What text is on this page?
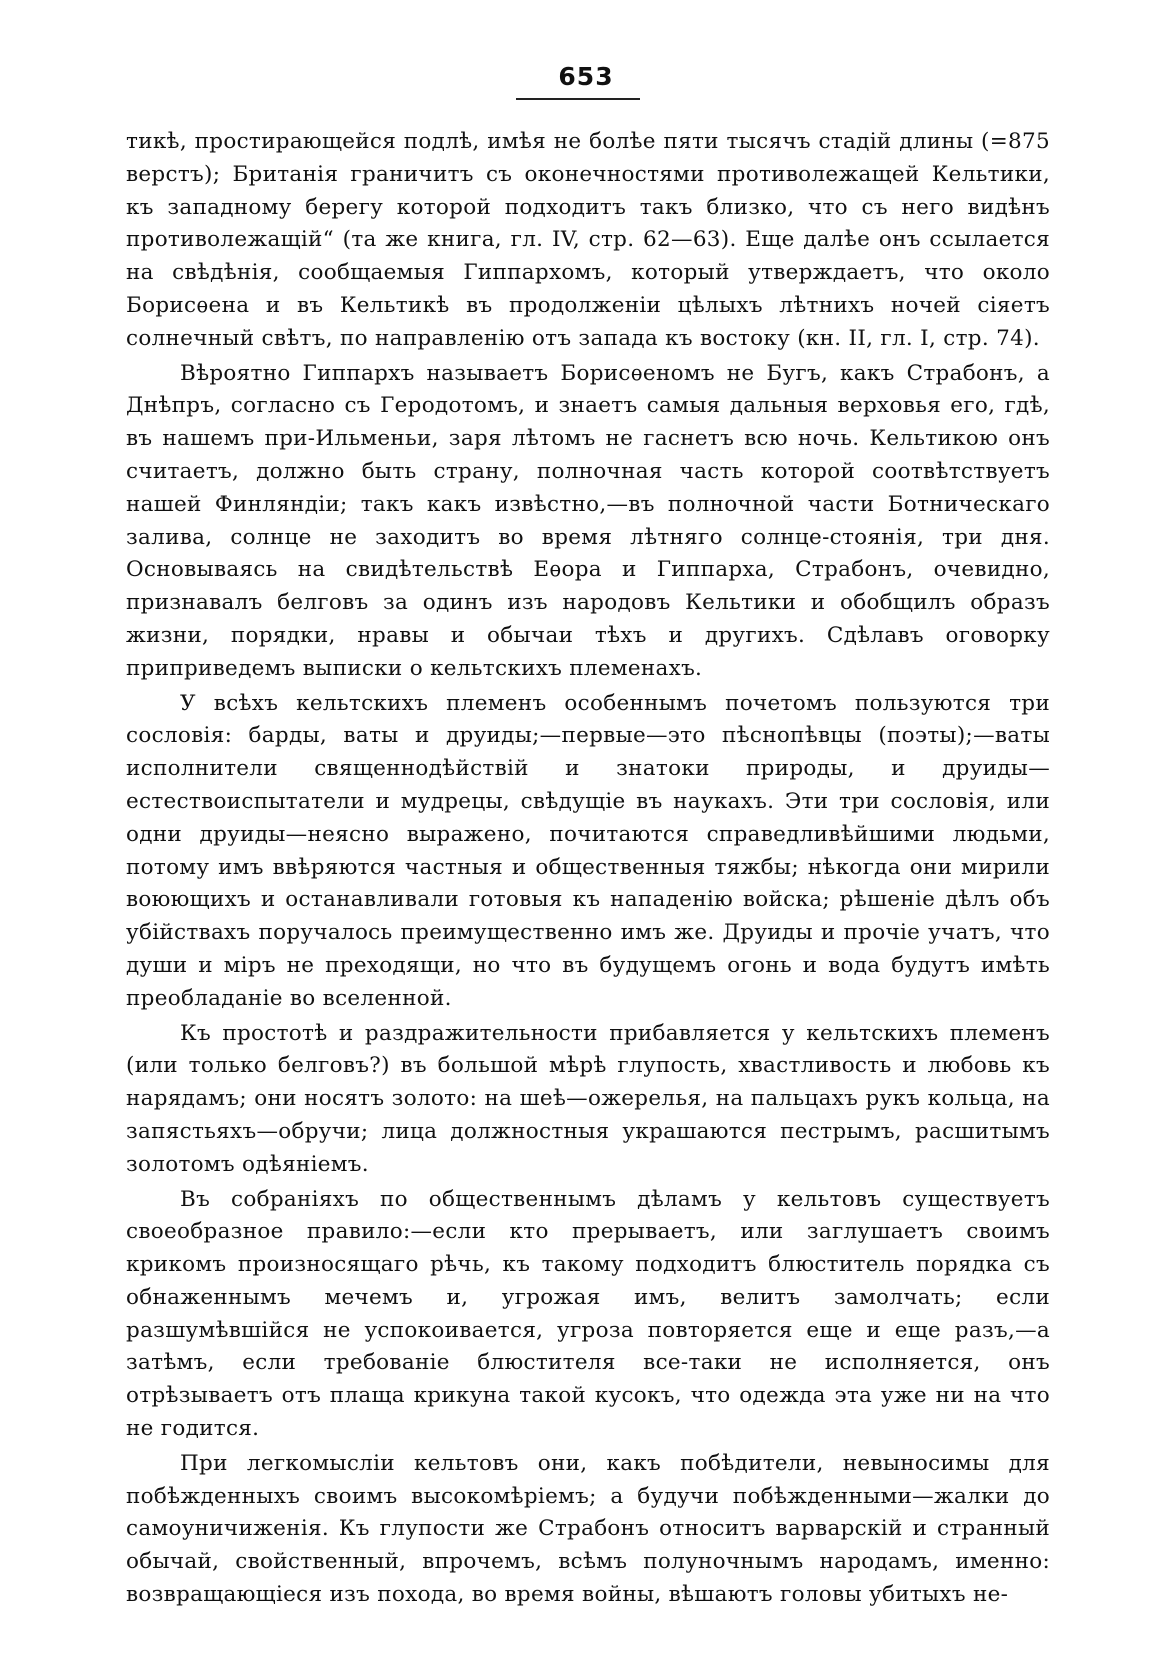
653

тикѣ, простирающейся подлѣ, имѣя не болѣе пяти тысячъ стадій длины (=875 верстъ); Британія граничитъ съ оконечностями противолежащей Кельтики, къ западному берегу которой подходитъ такъ близко, что съ него видѣнъ противолежащій“ (та же книга, гл. IV, стр. 62—63). Еще далѣе онъ ссылается на свѣдѣнія, сообщаемыя Гиппархомъ, который утверждаетъ, что около Борисѳена и въ Кельтикѣ въ продолженіи цѣлыхъ лѣтнихъ ночей сіяетъ солнечный свѣтъ, по направленію отъ запада къ востоку (кн. II, гл. I, стр. 74).

Вѣроятно Гиппархъ называетъ Борисѳеномъ не Бугъ, какъ Страбонъ, а Днѣпръ, согласно съ Геродотомъ, и знаетъ самыя дальныя верховья его, гдѣ, въ нашемъ при-Ильменьи, заря лѣтомъ не гаснетъ всю ночь. Кельтикою онъ считаетъ, должно быть страну, полночная часть которой соотвѣтствуетъ нашей Финляндіи; такъ какъ извѣстно,—въ полночной части Ботническаго залива, солнце не заходитъ во время лѣтняго солнце-стоянія, три дня. Основываясь на свидѣтельствѣ Еѳора и Гиппарха, Страбонъ, очевидно, признавалъ белговъ за одинъ изъ народовъ Кельтики и обобщилъ образъ жизни, порядки, нравы и обычаи тѣхъ и другихъ. Сдѣлавъ оговорку приприведемъ выписки о кельтскихъ племенахъ.

У всѣхъ кельтскихъ племенъ особеннымъ почетомъ пользуются три сословія: барды, ваты и друиды;—первые—это пѣснопѣвцы (поэты);—ваты исполнители священнодѣйствій и знатоки природы, и друиды—естествоиспытатели и мудрецы, свѣдущіе въ наукахъ. Эти три сословія, или одни друиды—неясно выражено, почитаются справедливѣйшими людьми, потому имъ ввѣряются частныя и общественныя тяжбы; нѣкогда они мирили воюющихъ и останавливали готовыя къ нападенію войска; рѣшеніе дѣлъ объ убійствахъ поручалось преимущественно имъ же. Друиды и прочіе учатъ, что души и міръ не преходящи, но что въ будущемъ огонь и вода будутъ имѣть преобладаніе во вселенной.

Къ простотѣ и раздражительности прибавляется у кельтскихъ племенъ (или только белговъ?) въ большой мѣрѣ глупость, хвастливость и любовь къ нарядамъ; они носятъ золото: на шеѣ—ожерелья, на пальцахъ рукъ кольца, на запястьяхъ—обручи; лица должностныя украшаются пестрымъ, расшитымъ золотомъ одѣяніемъ.

Въ собраніяхъ по общественнымъ дѣламъ у кельтовъ существуетъ своеобразное правило:—если кто прерываетъ, или заглушаетъ своимъ крикомъ произносящаго рѣчь, къ такому подходитъ блюститель порядка съ обнаженнымъ мечемъ и, угрожая имъ, велитъ замолчать; если разшумѣвшійся не успокоивается, угроза повторяется еще и еще разъ,—а затѣмъ, если требованіе блюстителя все-таки не исполняется, онъ отрѣзываетъ отъ плаща крикуна такой кусокъ, что одежда эта уже ни на что не годится.

При легкомысліи кельтовъ они, какъ побѣдители, невыносимы для побѣжденныхъ своимъ высокомѣріемъ; а будучи побѣжденными—жалки до самоуничиженія. Къ глупости же Страбонъ относитъ варварскій и странный обычай, свойственный, впрочемъ, всѣмъ полуночнымъ народамъ, именно: возвращающіеся изъ похода, во время войны, вѣшаютъ головы убитыхъ не-
